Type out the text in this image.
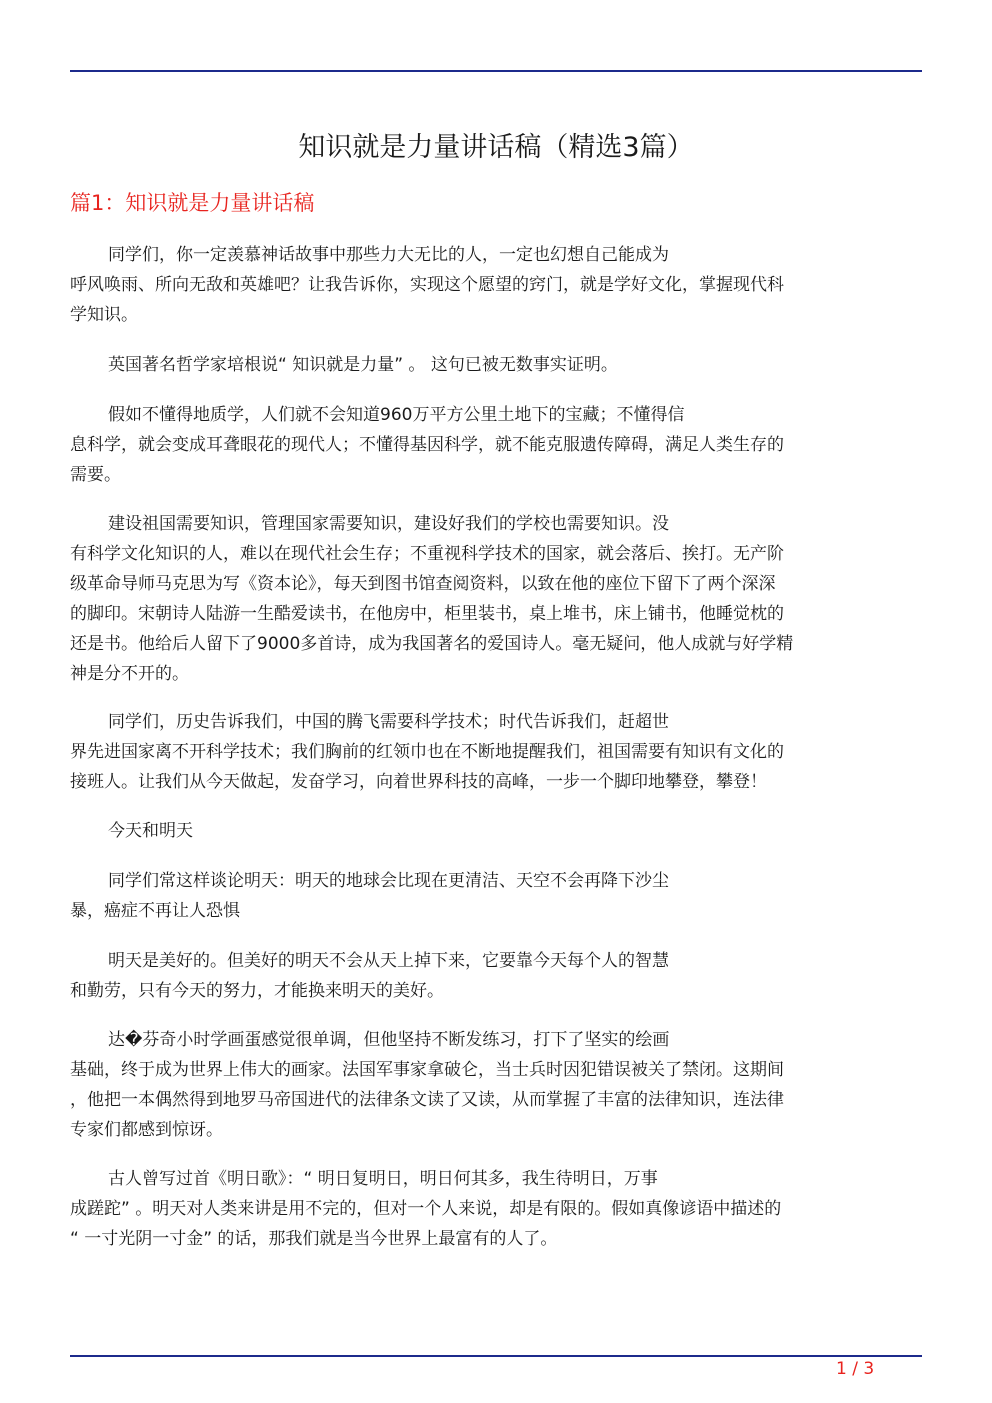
知识就是力量讲话稿（精选3篇）
篇1：知识就是力量讲话稿
同学们，你一定羡慕神话故事中那些力大无比的人，一定也幻想自己能成为
呼风唤雨、所向无敌和英雄吧？让我告诉你，实现这个愿望的窍门，就是学好文化，掌握现代科
学知识。
英国著名哲学家培根说“ 知识就是力量” 。 这句已被无数事实证明。
假如不懂得地质学，人们就不会知道960万平方公里土地下的宝藏；不懂得信
息科学，就会变成耳聋眼花的现代人；不懂得基因科学，就不能克服遗传障碍，满足人类生存的
需要。
建设祖国需要知识，管理国家需要知识，建设好我们的学校也需要知识。没
有科学文化知识的人，难以在现代社会生存；不重视科学技术的国家，就会落后、挨打。无产阶
级革命导师马克思为写《资本论》，每天到图书馆查阅资料，以致在他的座位下留下了两个深深
的脚印。宋朝诗人陆游一生酷爱读书，在他房中，柜里装书，桌上堆书，床上铺书，他睡觉枕的
还是书。他给后人留下了9000多首诗，成为我国著名的爱国诗人。毫无疑问，他人成就与好学精
神是分不开的。
同学们，历史告诉我们，中国的腾飞需要科学技术；时代告诉我们，赶超世
界先进国家离不开科学技术；我们胸前的红领巾也在不断地提醒我们，祖国需要有知识有文化的
接班人。让我们从今天做起，发奋学习，向着世界科技的高峰，一步一个脚印地攀登，攀登！
今天和明天
同学们常这样谈论明天：明天的地球会比现在更清洁、天空不会再降下沙尘
暴，癌症不再让人恐惧
明天是美好的。但美好的明天不会从天上掉下来，它要靠今天每个人的智慧
和勤劳，只有今天的努力，才能换来明天的美好。
达�芬奇小时学画蛋感觉很单调，但他坚持不断发练习，打下了坚实的绘画
基础，终于成为世界上伟大的画家。法国军事家拿破仑，当士兵时因犯错误被关了禁闭。这期间
，他把一本偶然得到地罗马帝国进代的法律条文读了又读，从而掌握了丰富的法律知识，连法律
专家们都感到惊讶。
古人曾写过首《明日歌》：“ 明日复明日，明日何其多，我生待明日，万事
成蹉跎” 。明天对人类来讲是用不完的，但对一个人来说，却是有限的。假如真像谚语中描述的
“ 一寸光阴一寸金” 的话，那我们就是当今世界上最富有的人了。
1 / 3
